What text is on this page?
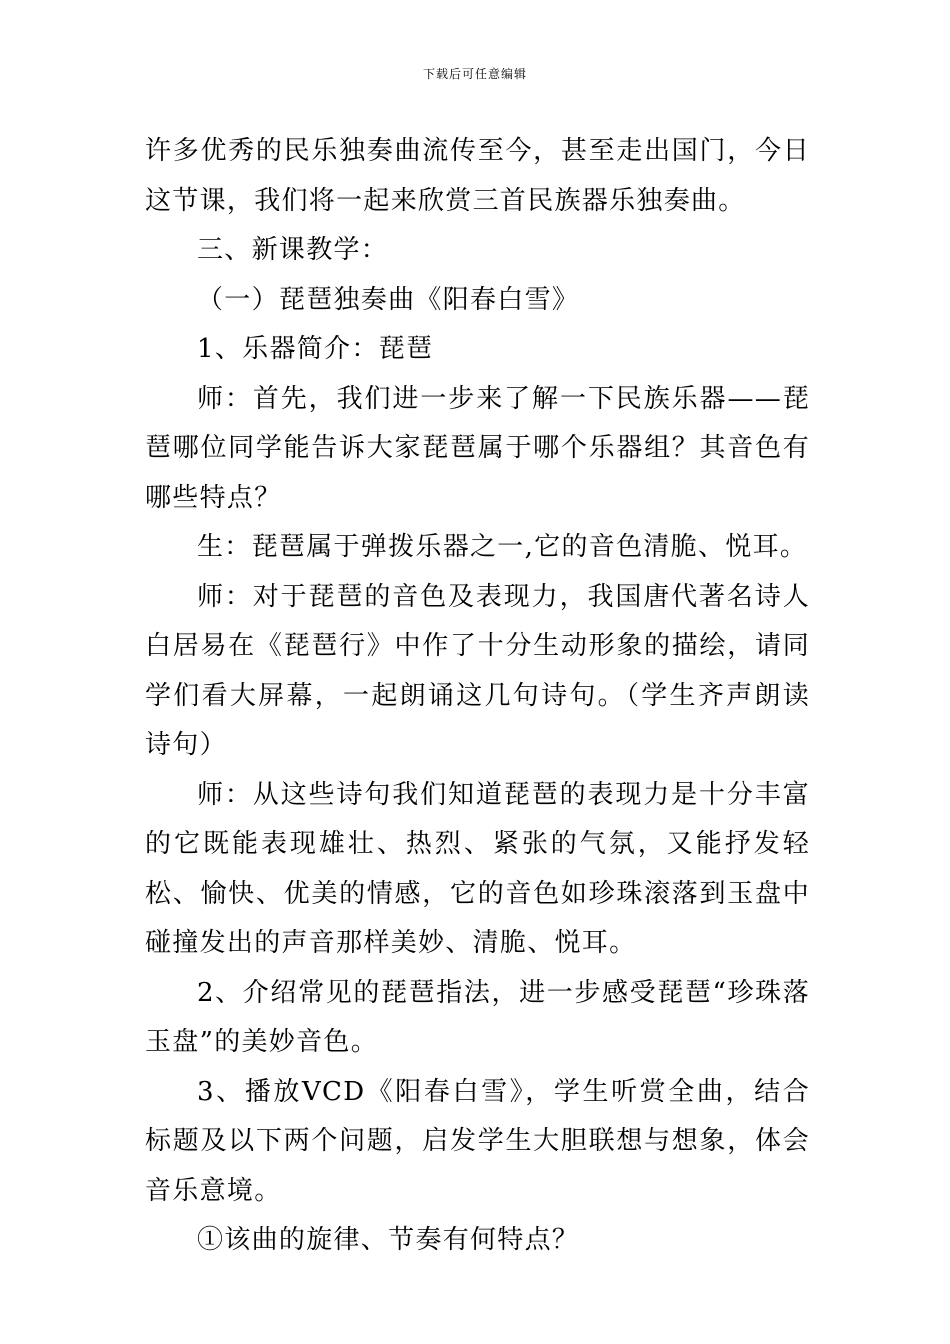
下载后可任意编辑

许多优秀的民乐独奏曲流传至今，甚至走出国门，今日这节课，我们将一起来欣赏三首民族器乐独奏曲。

三、新课教学：

（一）琵琶独奏曲《阳春白雪》

1、乐器简介：琵琶

师：首先，我们进一步来了解一下民族乐器——琵琶哪位同学能告诉大家琵琶属于哪个乐器组？其音色有哪些特点？

生：琵琶属于弹拨乐器之一,它的音色清脆、悦耳。

师：对于琵琶的音色及表现力，我国唐代著名诗人白居易在《琵琶行》中作了十分生动形象的描绘，请同学们看大屏幕，一起朗诵这几句诗句。（学生齐声朗读诗句）

师：从这些诗句我们知道琵琶的表现力是十分丰富的它既能表现雄壮、热烈、紧张的气氛，又能抒发轻松、愉快、优美的情感，它的音色如珍珠滚落到玉盘中碰撞发出的声音那样美妙、清脆、悦耳。

2、介绍常见的琵琶指法，进一步感受琵琶“珍珠落玉盘”的美妙音色。

3、播放VCD《阳春白雪》，学生听赏全曲，结合标题及以下两个问题，启发学生大胆联想与想象，体会音乐意境。

①该曲的旋律、节奏有何特点？
